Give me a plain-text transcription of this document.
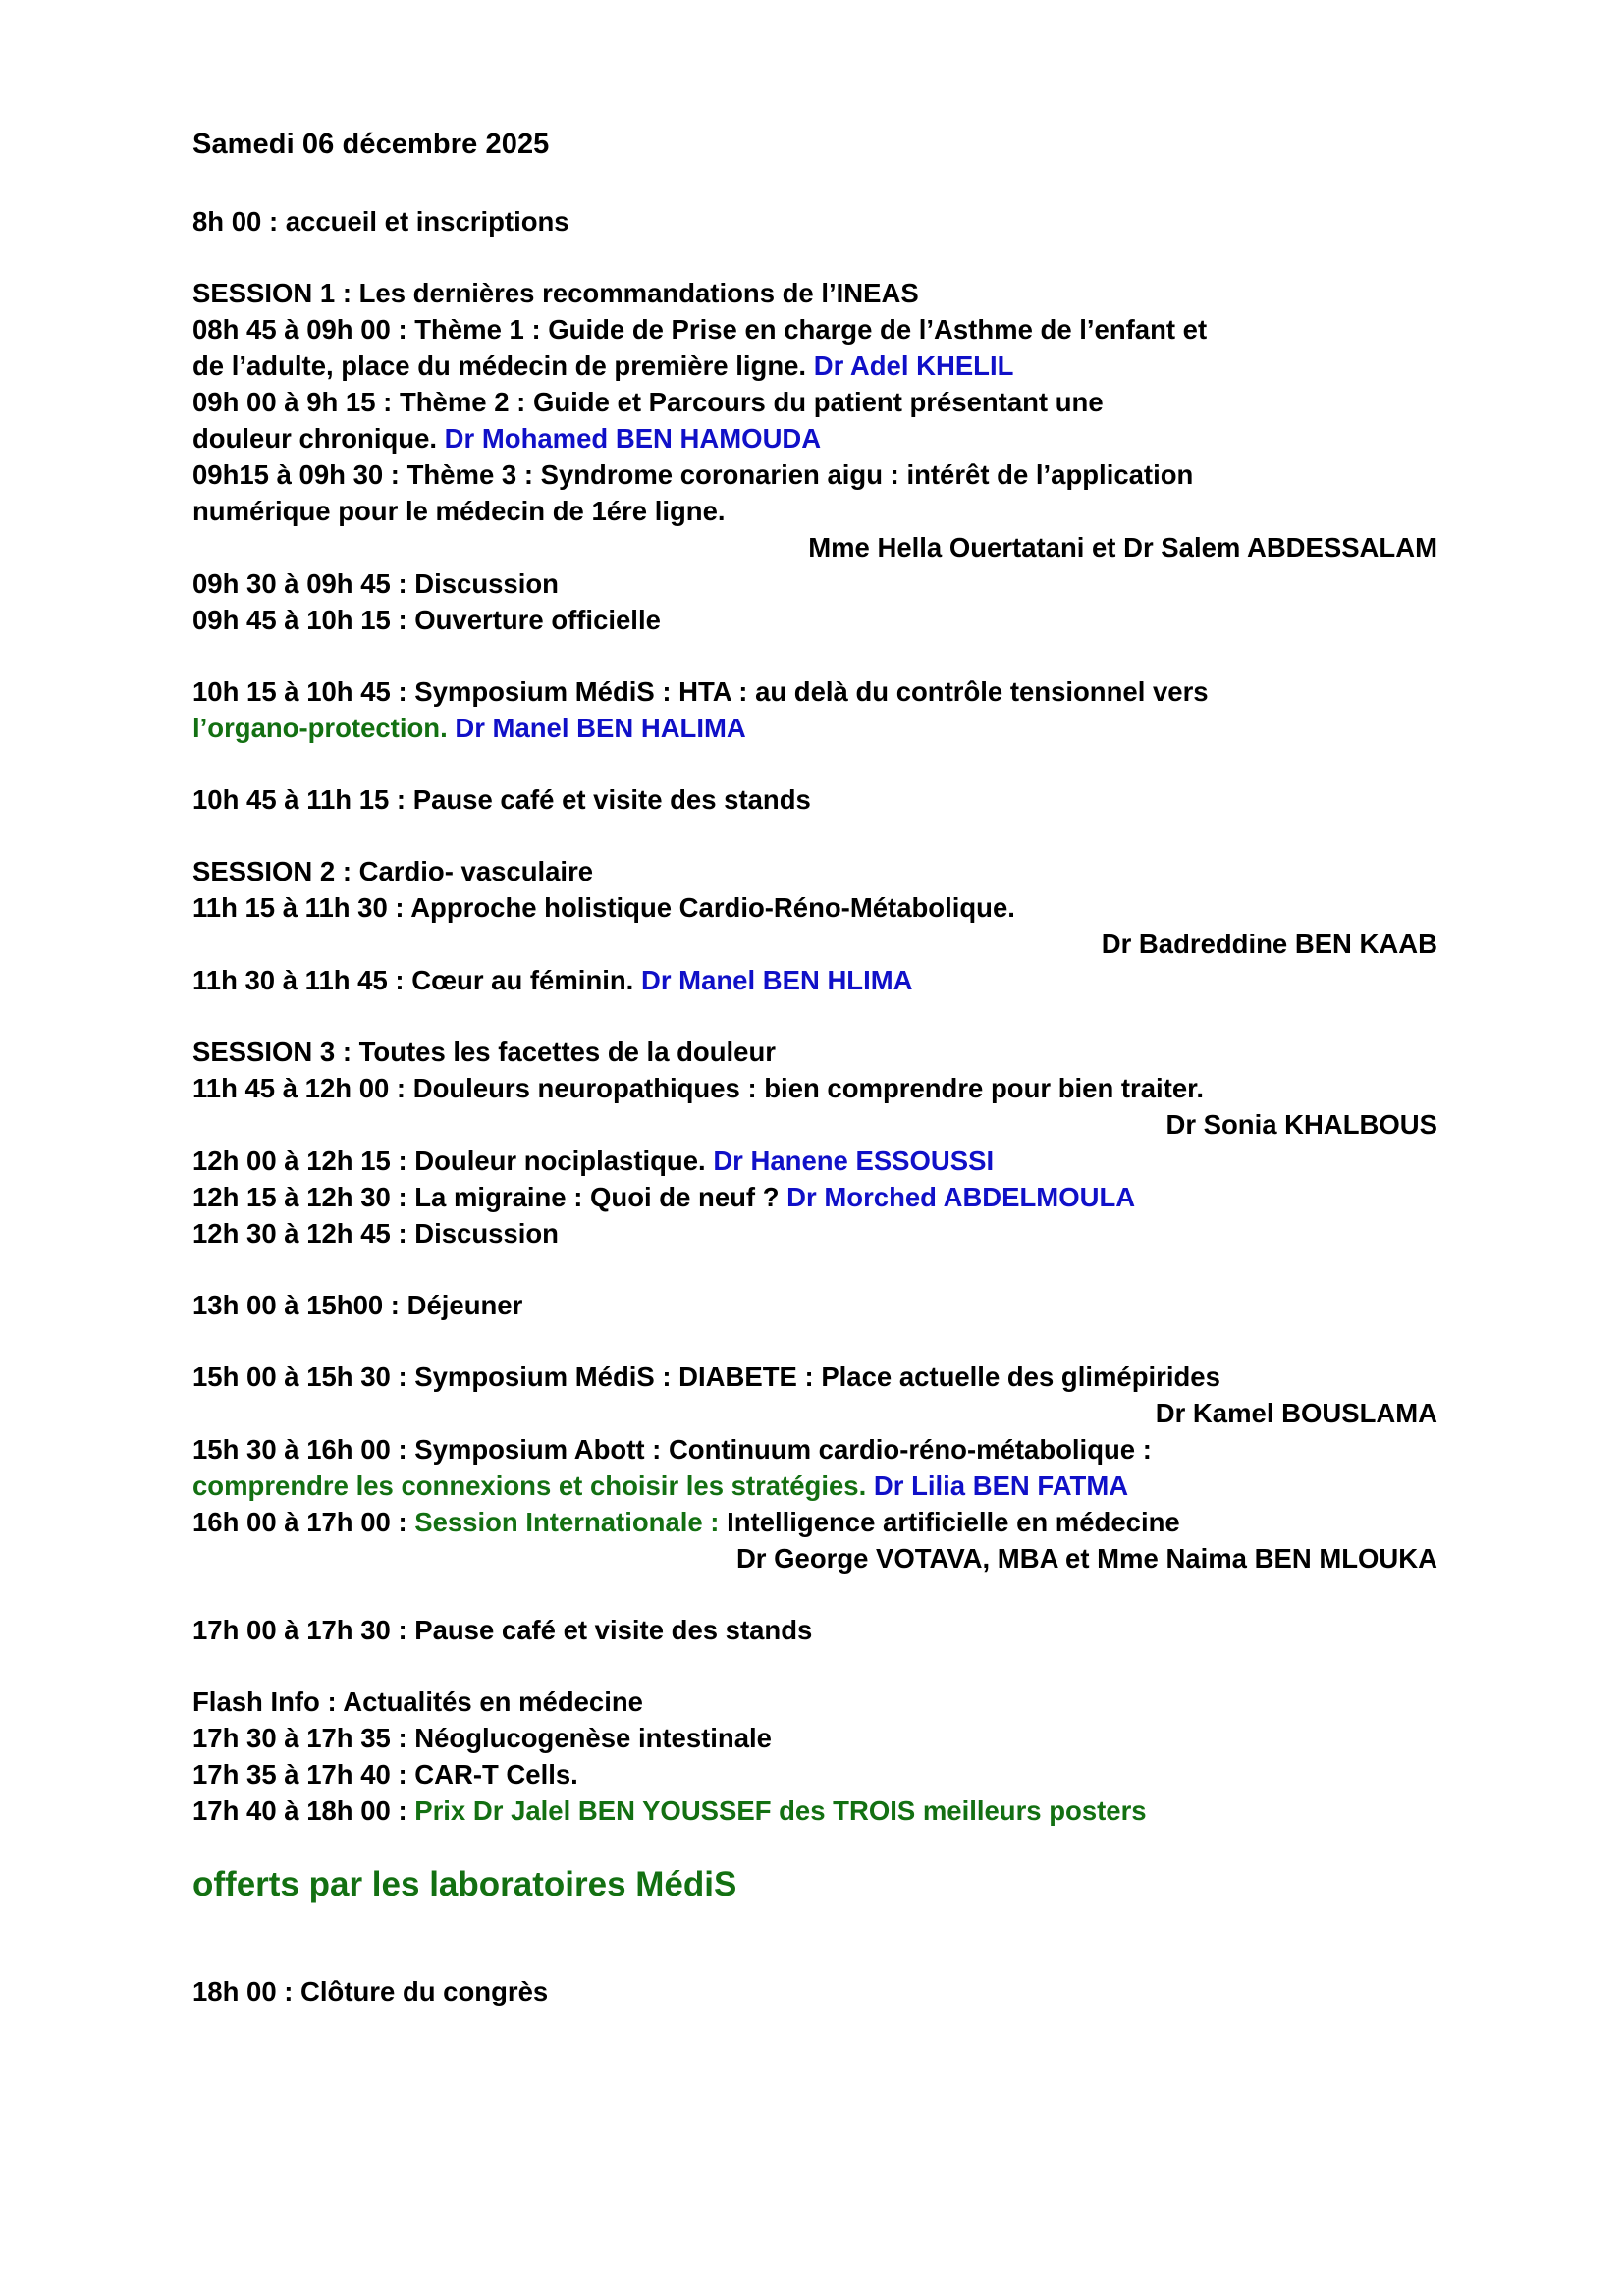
Samedi 06 décembre 2025

8h 00 : accueil et inscriptions

SESSION 1 : Les dernières recommandations de l’INEAS

08h 45 à 09h 00 : Thème 1 : Guide de Prise en charge de l’Asthme de l’enfant et

de l’adulte, place du médecin de première ligne. Dr Adel KHELIL

09h 00 à 9h 15 : Thème 2 : Guide et Parcours du patient présentant une

douleur chronique. Dr Mohamed BEN HAMOUDA

09h15 à 09h 30 : Thème 3 : Syndrome coronarien aigu : intérêt de l’application

numérique pour le médecin de 1ére ligne.

Mme Hella Ouertatani et Dr Salem ABDESSALAM

09h 30 à 09h 45 : Discussion

09h 45 à 10h 15 : Ouverture officielle

10h 15 à 10h 45 : Symposium MédiS : HTA : au delà du contrôle tensionnel vers

l’organo-protection. Dr Manel BEN HALIMA

10h 45 à 11h 15 : Pause café et visite des stands

SESSION 2 : Cardio- vasculaire

11h 15 à 11h 30 : Approche holistique Cardio-Réno-Métabolique.

Dr Badreddine BEN KAAB

11h 30 à 11h 45 : Cœur au féminin. Dr Manel BEN HLIMA

SESSION 3 : Toutes les facettes de la douleur

11h 45 à 12h 00 : Douleurs neuropathiques : bien comprendre pour bien traiter.

Dr Sonia KHALBOUS

12h 00 à 12h 15 : Douleur nociplastique. Dr Hanene ESSOUSSI

12h 15 à 12h 30 : La migraine : Quoi de neuf ? Dr Morched ABDELMOULA

12h 30 à 12h 45 : Discussion

13h 00 à 15h00 : Déjeuner

15h 00 à 15h 30 : Symposium MédiS : DIABETE : Place actuelle des glimépirides

Dr Kamel BOUSLAMA

15h 30 à 16h 00 : Symposium Abott : Continuum cardio-réno-métabolique :

comprendre les connexions et choisir les stratégies. Dr Lilia BEN FATMA

16h 00 à 17h 00 : Session Internationale : Intelligence artificielle en médecine

Dr George VOTAVA, MBA et Mme Naima BEN MLOUKA

17h 00 à 17h 30 : Pause café et visite des stands

Flash Info : Actualités en médecine

17h 30 à 17h 35 : Néoglucogenèse intestinale

17h 35 à 17h 40 : CAR-T Cells.

17h 40 à 18h 00 : Prix Dr Jalel BEN YOUSSEF des TROIS meilleurs posters

offerts par les laboratoires MédiS

18h 00 : Clôture du congrès
